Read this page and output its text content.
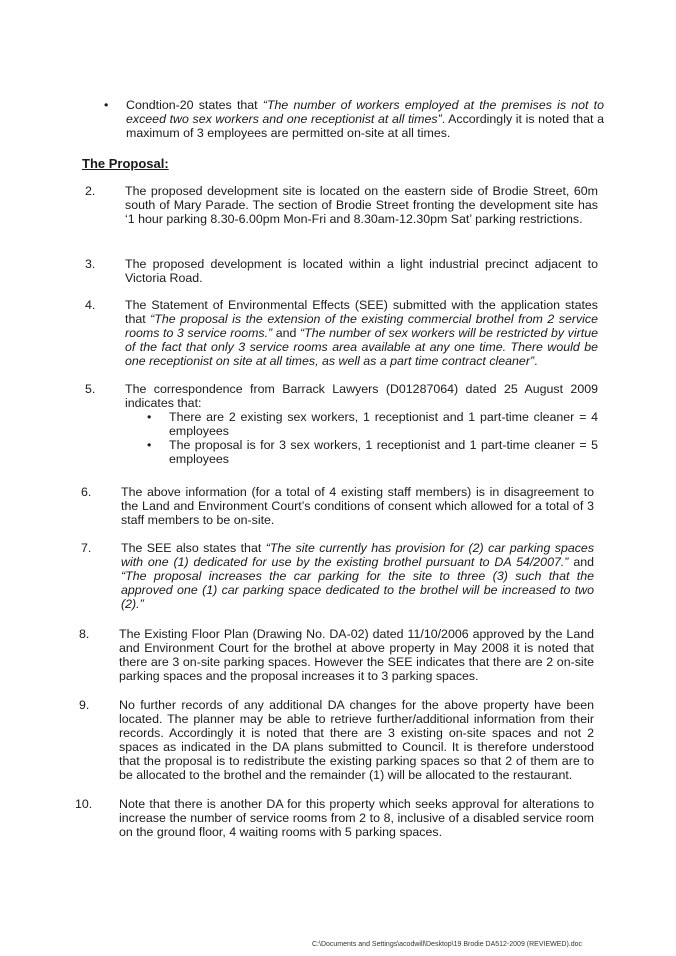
• Condtion-20 states that “The number of workers employed at the premises is not to exceed two sex workers and one receptionist at all times”. Accordingly it is noted that a maximum of 3 employees are permitted on-site at all times.
The Proposal:
2. The proposed development site is located on the eastern side of Brodie Street, 60m south of Mary Parade. The section of Brodie Street fronting the development site has ‘1 hour parking 8.30-6.00pm Mon-Fri and 8.30am-12.30pm Sat’ parking restrictions.
3. The proposed development is located within a light industrial precinct adjacent to Victoria Road.
4. The Statement of Environmental Effects (SEE) submitted with the application states that “The proposal is the extension of the existing commercial brothel from 2 service rooms to 3 service rooms.” and “The number of sex workers will be restricted by virtue of the fact that only 3 service rooms area available at any one time. There would be one receptionist on site at all times, as well as a part time contract cleaner”.
5. The correspondence from Barrack Lawyers (D01287064) dated 25 August 2009 indicates that:
• There are 2 existing sex workers, 1 receptionist and 1 part-time cleaner = 4 employees
• The proposal is for 3 sex workers, 1 receptionist and 1 part-time cleaner = 5 employees
6. The above information (for a total of 4 existing staff members) is in disagreement to the Land and Environment Court’s conditions of consent which allowed for a total of 3 staff members to be on-site.
7. The SEE also states that “The site currently has provision for (2) car parking spaces with one (1) dedicated for use by the existing brothel pursuant to DA 54/2007.” and “The proposal increases the car parking for the site to three (3) such that the approved one (1) car parking space dedicated to the brothel will be increased to two (2).”
8. The Existing Floor Plan (Drawing No. DA-02) dated 11/10/2006 approved by the Land and Environment Court for the brothel at above property in May 2008 it is noted that there are 3 on-site parking spaces. However the SEE indicates that there are 2 on-site parking spaces and the proposal increases it to 3 parking spaces.
9. No further records of any additional DA changes for the above property have been located. The planner may be able to retrieve further/additional information from their records. Accordingly it is noted that there are 3 existing on-site spaces and not 2 spaces as indicated in the DA plans submitted to Council. It is therefore understood that the proposal is to redistribute the existing parking spaces so that 2 of them are to be allocated to the brothel and the remainder (1) will be allocated to the restaurant.
10. Note that there is another DA for this property which seeks approval for alterations to increase the number of service rooms from 2 to 8, inclusive of a disabled service room on the ground floor, 4 waiting rooms with 5 parking spaces.
C:\Documents and Settings\acodwill\Desktop\19 Brodie DA512-2009 (REVIEWED).doc
